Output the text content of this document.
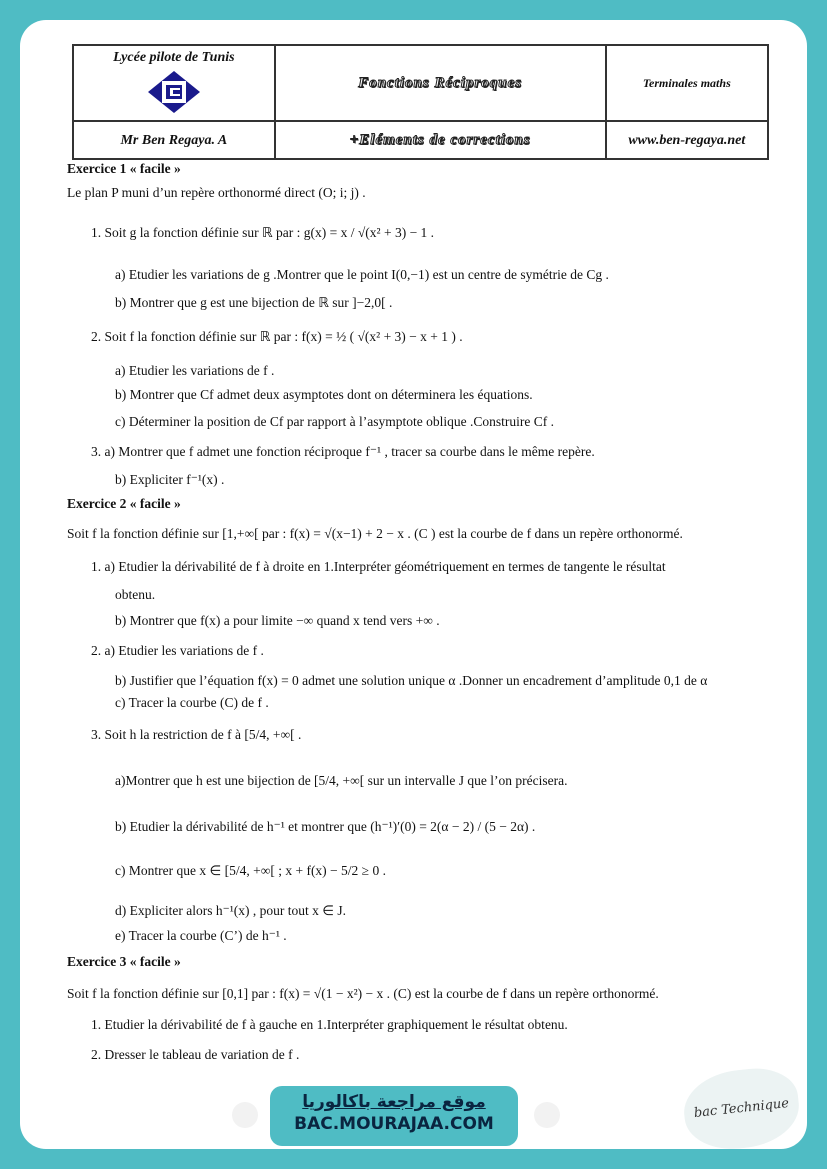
Lycée pilote de Tunis	Fonctions Réciproques	Terminales maths
Mr Ben Regaya. A	+Eléments de corrections	www.ben-regaya.net
Exercice 1 « facile »
Le plan P muni d’un repère orthonormé direct (O; i; j) .
1. Soit g la fonction définie sur ℝ par : g(x) = x / √(x² + 3) − 1 .
a) Etudier les variations de g .Montrer que le point I(0,−1) est un centre de symétrie de Cg .
b) Montrer que g est une bijection de ℝ sur ]−2,0[ .
2. Soit f la fonction définie sur ℝ par : f(x) = ½ ( √(x² + 3) − x + 1 ) .
a) Etudier les variations de f .
b) Montrer que Cf admet deux asymptotes dont on déterminera les équations.
c) Déterminer la position de Cf par rapport à l’asymptote oblique .Construire Cf .
3. a) Montrer que f admet une fonction réciproque f⁻¹ , tracer sa courbe dans le même repère.
b) Expliciter f⁻¹(x) .
Exercice 2 « facile »
Soit f la fonction définie sur [1,+∞[ par : f(x) = √(x−1) + 2 − x . (C ) est la courbe de f dans un repère orthonormé.
1. a) Etudier la dérivabilité de f à droite en 1.Interpréter géométriquement en termes de tangente le résultat
obtenu.
b) Montrer que f(x) a pour limite −∞ quand x tend vers +∞ .
2. a) Etudier les variations de f .
b) Justifier que l’équation f(x) = 0 admet une solution unique α .Donner un encadrement d’amplitude 0,1 de α
c) Tracer la courbe (C) de f .
3. Soit h la restriction de f à [5/4, +∞[ .
a)Montrer que h est une bijection de [5/4, +∞[ sur un intervalle J que l’on précisera.
b) Etudier la dérivabilité de h⁻¹ et montrer que (h⁻¹)′(0) = 2(α − 2) / (5 − 2α) .
c) Montrer que x ∈ [5/4, +∞[ ; x + f(x) − 5/2 ≥ 0 .
d) Expliciter alors h⁻¹(x) , pour tout x ∈ J.
e) Tracer la courbe (C’) de h⁻¹ .
Exercice 3 « facile »
Soit f la fonction définie sur [0,1] par : f(x) = √(1 − x²) − x . (C) est la courbe de f dans un repère orthonormé.
1. Etudier la dérivabilité de f à gauche en 1.Interpréter graphiquement le résultat obtenu.
2. Dresser le tableau de variation de f .
موقع مراجعة باكالوريا
BAC.MOURAJAA.COM
bac Technique
